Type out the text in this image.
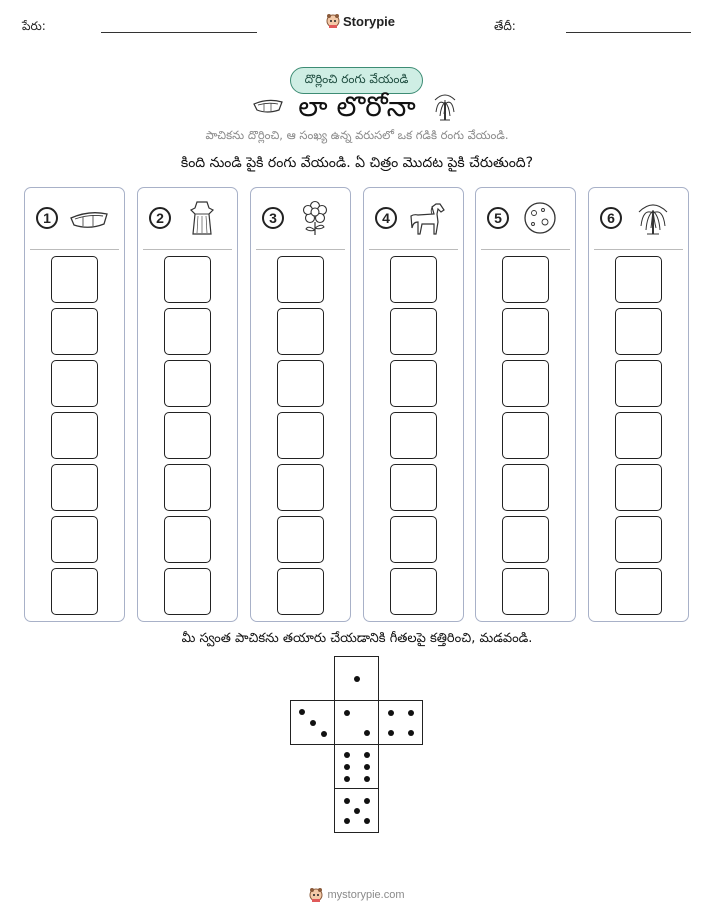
పేరు:	Storypie	తేదీ:
దొర్లించి రంగు వేయండి
లా లొరోనా
పాచికను దొర్లించి, ఆ సంఖ్య ఉన్న వరుసలో ఒక గడికి రంగు వేయండి.
కింది నుండి పైకి రంగు వేయండి. ఏ చిత్రం మొదట పైకి చేరుతుంది?
1	2	3	4	5	6
మీ స్వంత పాచికను తయారు చేయడానికి గీతలపై కత్తిరించి, మడవండి.
mystorypie.com
